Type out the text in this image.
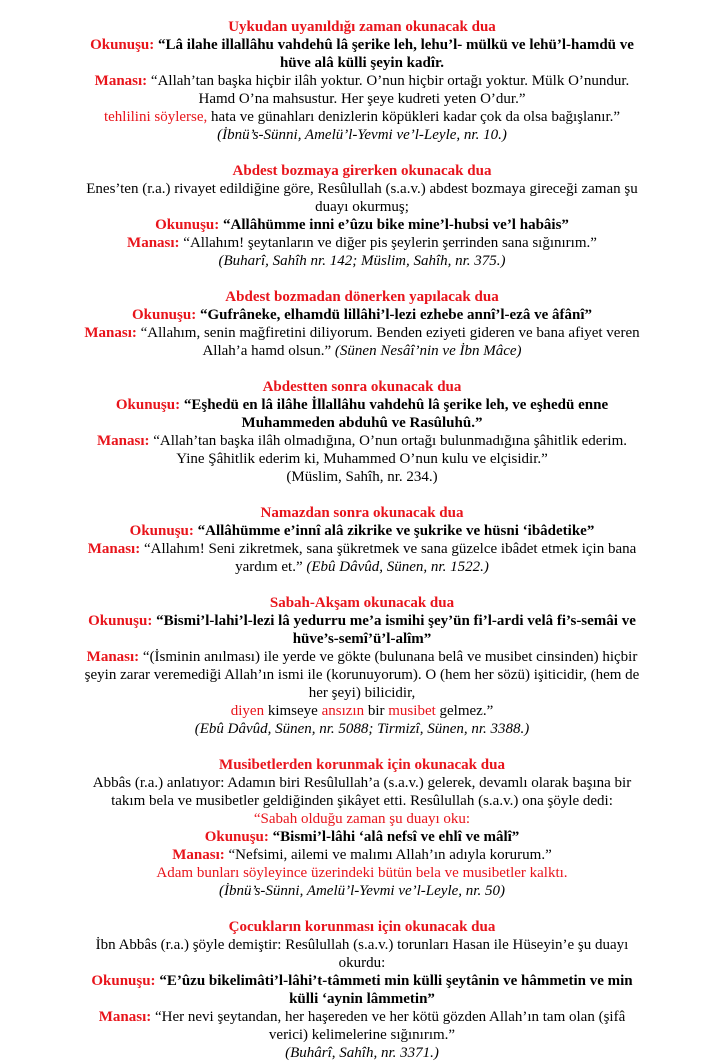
Uykudan uyanıldığı zaman okunacak dua

Okunuşu: “Lâ ilahe illallâhu vahdehû lâ şerike leh, lehu’l- mülkü ve lehü’l-hamdü ve hüve alâ külli şeyin kadîr.

Manası: “Allah’tan başka hiçbir ilâh yoktur. O’nun hiçbir ortağı yoktur. Mülk O’nundur. Hamd O’na mahsustur. Her şeye kudreti yeten O’dur.”

tehlilini söylerse, hata ve günahları denizlerin köpükleri kadar çok da olsa bağışlanır.”

(İbnü’s-Sünni, Amelü’l-Yevmi ve’l-Leyle, nr. 10.)

Abdest bozmaya girerken okunacak dua

Enes’ten (r.a.) rivayet edildiğine göre, Resûlullah (s.a.v.) abdest bozmaya gireceği zaman şu duayı okurmuş;

Okunuşu: “Allâhümme inni e’ûzu bike mine’l-hubsi ve’l habâis”

Manası: “Allahım! şeytanların ve diğer pis şeylerin şerrinden sana sığınırım.”

(Buharî, Sahîh nr. 142; Müslim, Sahîh, nr. 375.)

Abdest bozmadan dönerken yapılacak dua

Okunuşu: “Gufrâneke, elhamdü lillâhi’l-lezi ezhebe annî’l-ezâ ve âfânî”

Manası: “Allahım, senin mağfiretini diliyorum. Benden eziyeti gideren ve bana afiyet veren Allah’a hamd olsun.” (Sünen Nesâî’nin ve İbn Mâce)

Abdestten sonra okunacak dua

Okunuşu: “Eşhedü en lâ ilâhe İllallâhu vahdehû lâ şerike leh, ve eşhedü enne Muhammeden abduhû ve Rasûluhû.”

Manası: “Allah’tan başka ilâh olmadığına, O’nun ortağı bulunmadığına şâhitlik ederim. Yine Şâhitlik ederim ki, Muhammed O’nun kulu ve elçisidir.”

(Müslim, Sahîh, nr. 234.)

Namazdan sonra okunacak dua

Okunuşu: “Allâhümme e’innî alâ zikrike ve şukrike ve hüsni ‘ibâdetike”

Manası: “Allahım! Seni zikretmek, sana şükretmek ve sana güzelce ibâdet etmek için bana yardım et.” (Ebû Dâvûd, Sünen, nr. 1522.)

Sabah-Akşam okunacak dua

Okunuşu: “Bismi’l-lahi’l-lezi lâ yedurru me’a ismihi şey’ün fi’l-ardi velâ fi’s-semâi ve hüve’s-semî’ü’l-alîm”

Manası: “(İsminin anılması) ile yerde ve gökte (bulunana belâ ve musibet cinsinden) hiçbir şeyin zarar veremediği Allah’ın ismi ile (korunuyorum). O (hem her sözü) işiticidir, (hem de her şeyi) bilicidir,

diyen kimseye ansızın bir musibet gelmez.”

(Ebû Dâvûd, Sünen, nr. 5088; Tirmizî, Sünen, nr. 3388.)

Musibetlerden korunmak için okunacak dua

Abbâs (r.a.) anlatıyor: Adamın biri Resûlullah’a (s.a.v.) gelerek, devamlı olarak başına bir takım bela ve musibetler geldiğinden şikâyet etti. Resûlullah (s.a.v.) ona şöyle dedi:

“Sabah olduğu zaman şu duayı oku:

Okunuşu: “Bismi’l-lâhi ‘alâ nefsî ve ehlî ve mâlî”

Manası: “Nefsimi, ailemi ve malımı Allah’ın adıyla korurum.”

Adam bunları söyleyince üzerindeki bütün bela ve musibetler kalktı.

(İbnü’s-Sünni, Amelü’l-Yevmi ve’l-Leyle, nr. 50)

Çocukların korunması için okunacak dua

İbn Abbâs (r.a.) şöyle demiştir: Resûlullah (s.a.v.) torunları Hasan ile Hüseyin’e şu duayı okurdu:

Okunuşu: “E’ûzu bikelimâti’l-lâhi’t-tâmmeti min külli şeytânin ve hâmmetin ve min külli ‘aynin lâmmetin”

Manası: “Her nevi şeytandan, her haşereden ve her kötü gözden Allah’ın tam olan (şifâ verici) kelimelerine sığınırım.”

(Buhârî, Sahîh, nr. 3371.)
